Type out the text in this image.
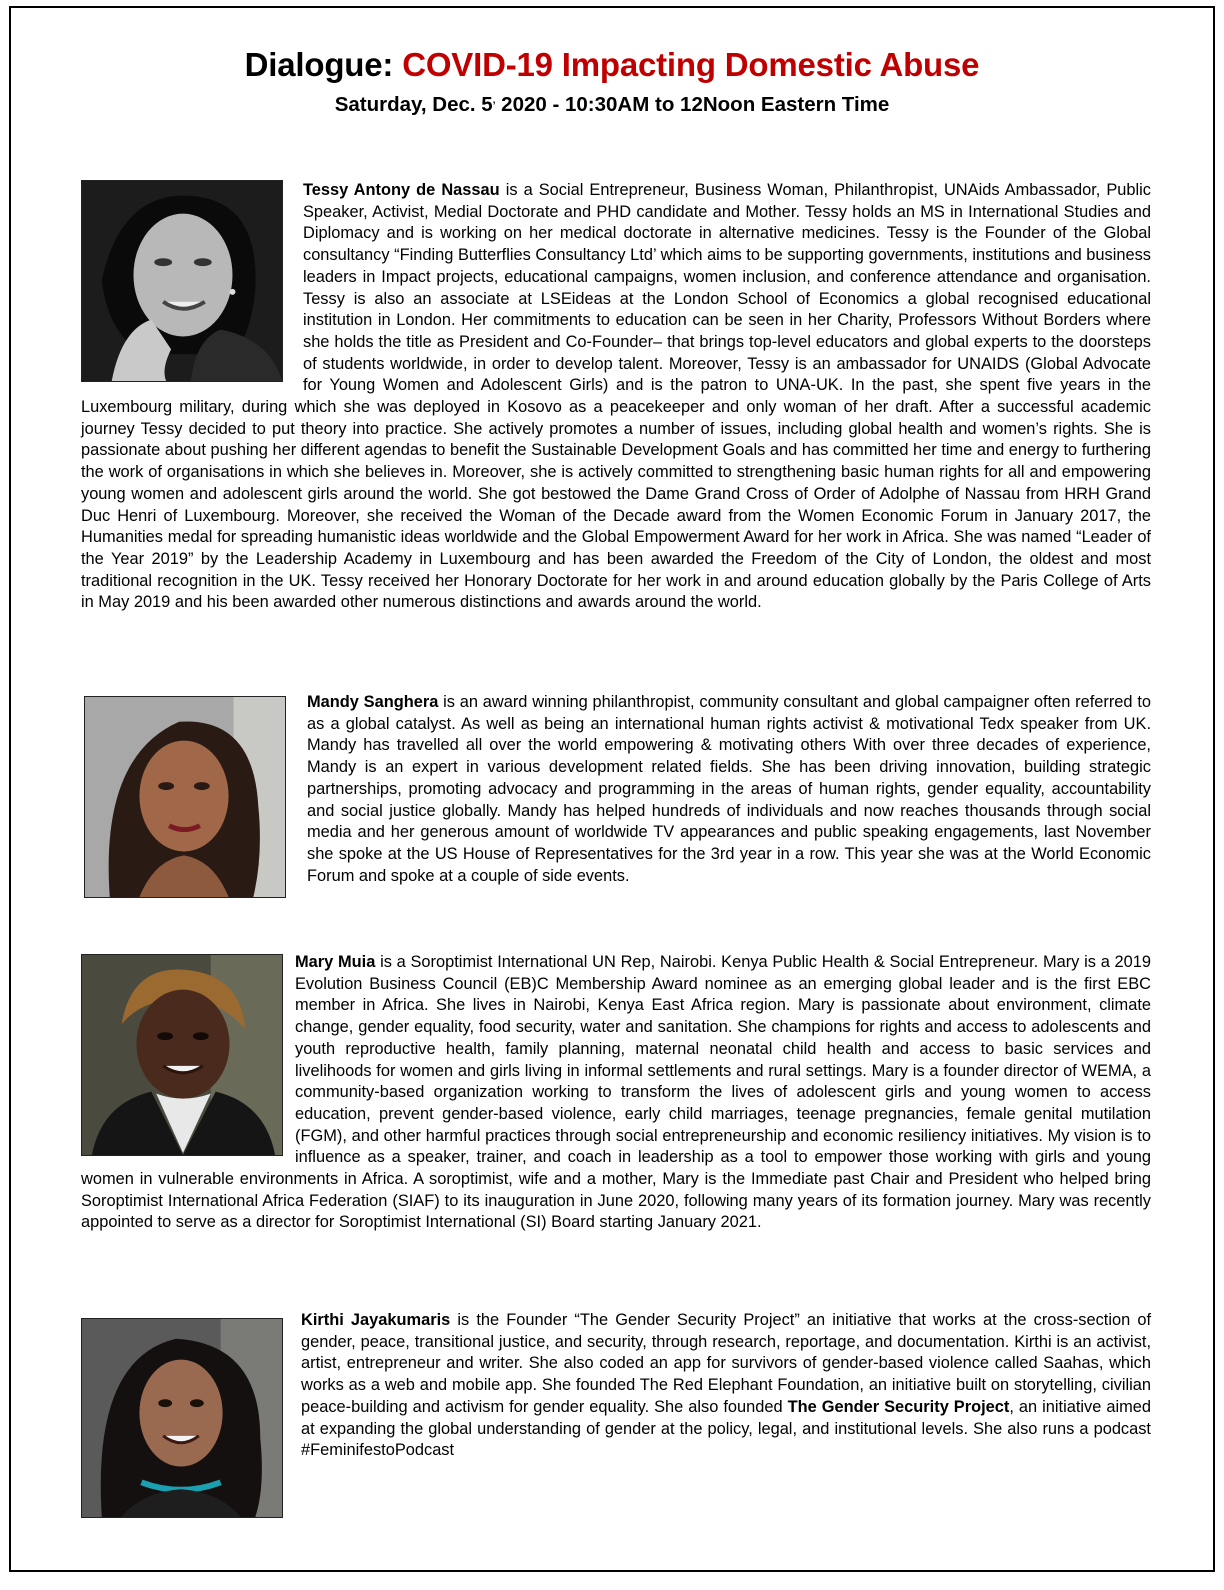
Dialogue: COVID-19 Impacting Domestic Abuse
Saturday, Dec. 5, 2020 - 10:30AM to 12Noon Eastern Time
Tessy Antony de Nassau is a Social Entrepreneur, Business Woman, Philanthropist, UNAids Ambassador, Public Speaker, Activist, Medial Doctorate and PHD candidate and Mother. Tessy holds an MS in International Studies and Diplomacy and is working on her medical doctorate in alternative medicines. Tessy is the Founder of the Global consultancy “Finding Butterflies Consultancy Ltd’ which aims to be supporting governments, institutions and business leaders in Impact projects, educational campaigns, women inclusion, and conference attendance and organisation. Tessy is also an associate at LSEideas at the London School of Economics a global recognised educational institution in London. Her commitments to education can be seen in her Charity, Professors Without Borders where she holds the title as President and Co-Founder– that brings top-level educators and global experts to the doorsteps of students worldwide, in order to develop talent. Moreover, Tessy is an ambassador for UNAIDS (Global Advocate for Young Women and Adolescent Girls) and is the patron to UNA-UK. In the past, she spent five years in the Luxembourg military, during which she was deployed in Kosovo as a peacekeeper and only woman of her draft. After a successful academic journey Tessy decided to put theory into practice. She actively promotes a number of issues, including global health and women’s rights. She is passionate about pushing her different agendas to benefit the Sustainable Development Goals and has committed her time and energy to furthering the work of organisations in which she believes in. Moreover, she is actively committed to strengthening basic human rights for all and empowering young women and adolescent girls around the world. She got bestowed the Dame Grand Cross of Order of Adolphe of Nassau from HRH Grand Duc Henri of Luxembourg. Moreover, she received the Woman of the Decade award from the Women Economic Forum in January 2017, the Humanities medal for spreading humanistic ideas worldwide and the Global Empowerment Award for her work in Africa. She was named “Leader of the Year 2019” by the Leadership Academy in Luxembourg and has been awarded the Freedom of the City of London, the oldest and most traditional recognition in the UK. Tessy received her Honorary Doctorate for her work in and around education globally by the Paris College of Arts in May 2019 and his been awarded other numerous distinctions and awards around the world.
Mandy Sanghera is an award winning philanthropist, community consultant and global campaigner often referred to as a global catalyst. As well as being an international human rights activist & motivational Tedx speaker from UK. Mandy has travelled all over the world empowering & motivating others With over three decades of experience, Mandy is an expert in various development related fields. She has been driving innovation, building strategic partnerships, promoting advocacy and programming in the areas of human rights, gender equality, accountability and social justice globally. Mandy has helped hundreds of individuals and now reaches thousands through social media and her generous amount of worldwide TV appearances and public speaking engagements, last November she spoke at the US House of Representatives for the 3rd year in a row. This year she was at the World Economic Forum and spoke at a couple of side events.
Mary Muia is a Soroptimist International UN Rep, Nairobi. Kenya Public Health & Social Entrepreneur. Mary is a 2019 Evolution Business Council (EB)C Membership Award nominee as an emerging global leader and is the first EBC member in Africa. She lives in Nairobi, Kenya East Africa region. Mary is passionate about environment, climate change, gender equality, food security, water and sanitation. She champions for rights and access to adolescents and youth reproductive health, family planning, maternal neonatal child health and access to basic services and livelihoods for women and girls living in informal settlements and rural settings. Mary is a founder director of WEMA, a community-based organization working to transform the lives of adolescent girls and young women to access education, prevent gender-based violence, early child marriages, teenage pregnancies, female genital mutilation (FGM), and other harmful practices through social entrepreneurship and economic resiliency initiatives. My vision is to influence as a speaker, trainer, and coach in leadership as a tool to empower those working with girls and young women in vulnerable environments in Africa. A soroptimist, wife and a mother, Mary is the Immediate past Chair and President who helped bring Soroptimist International Africa Federation (SIAF) to its inauguration in June 2020, following many years of its formation journey. Mary was recently appointed to serve as a director for Soroptimist International (SI) Board starting January 2021.
Kirthi Jayakumaris is the Founder “The Gender Security Project” an initiative that works at the cross-section of gender, peace, transitional justice, and security, through research, reportage, and documentation. Kirthi is an activist, artist, entrepreneur and writer. She also coded an app for survivors of gender-based violence called Saahas, which works as a web and mobile app. She founded The Red Elephant Foundation, an initiative built on storytelling, civilian peace-building and activism for gender equality. She also founded The Gender Security Project, an initiative aimed at expanding the global understanding of gender at the policy, legal, and institutional levels. She also runs a podcast #FeminifestoPodcast
